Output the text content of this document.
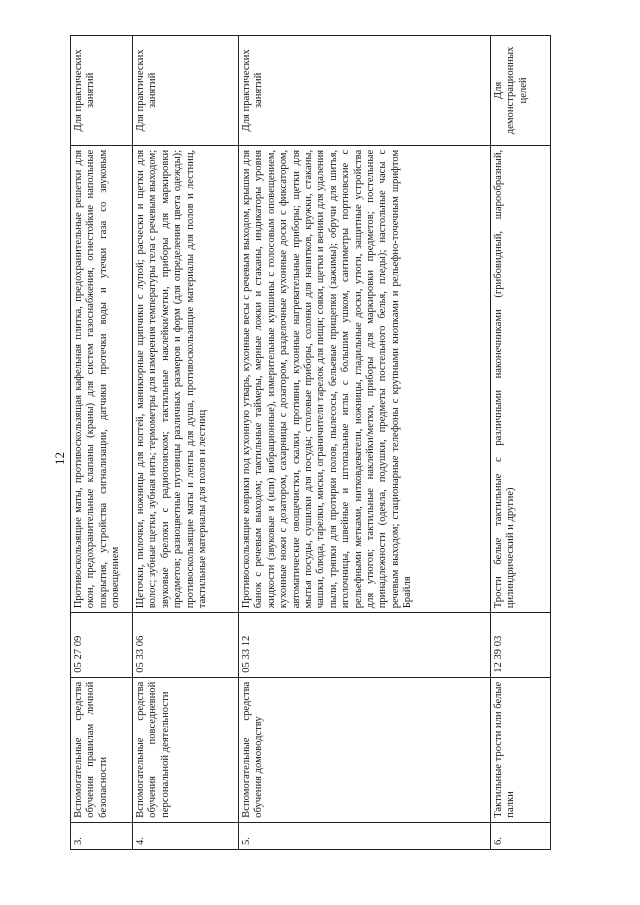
12
3.	Вспомогательные средства обучения правилам личной безопасности	05 27 09	Противоскользящие маты, противоскользящая кафельная плитка, предохранительные решетки для окон, предохранительные клапаны (краны) для систем газоснабжения, огнестойкие напольные покрытия, устройства сигнализации, датчики протечки воды и утечки газа со звуковым оповещением	Для практических занятий
4.	Вспомогательные средства обучения повседневной персональной деятельности	05 33 06	Щеточки, пилочки, ножницы для ногтей, маникюрные щипчики с лупой; расчески и щетки для волос; зубные щетки, зубная нить; термометры для измерения температуры тела с речевым выходом; звуковые брелоки с радиопоиском; тактильные наклейки/метки, приборы для маркировки предметов; разноцветные пуговицы различных размеров и форм (для определения цвета одежды); противоскользящие маты и ленты для душа, противоскользящие материалы для полов и лестниц, тактильные материалы для полов и лестниц	Для практических занятий
5.	Вспомогательные средства обучения домоводству	05 33 12	Противоскользящие коврики под кухонную утварь, кухонные весы с речевым выходом, крышки для банок с речевым выходом; тактильные таймеры, мерные ложки и стаканы, индикаторы уровня жидкости (звуковые и (или) вибрационные), измерительные кувшины с голосовым оповещением, кухонные ножи с дозатором, сахарницы с дозатором, разделочные кухонные доски с фиксатором, автоматические овощечистки, скалки, противни, кухонные нагревательные приборы; щетки для мытья посуды, сушилки для посуды; столовые приборы, солонки для напитков, кружки, стаканы, чашки, блюда, тарелки, миски, ограничители тарелок для пищи; совки, щетки и веники для удаления пыли, тряпки для протирки полов, пылесосы, бельевые прищепки (зажимы); обручи для шитья, иголочницы, швейные и штопальные иглы с большим ушком, сантиметры портновские с рельефными метками, нитковдеватели, ножницы, гладильные доски, утюги, защитные устройства для утюгов; тактильные наклейки/метки, приборы для маркировки предметов; постельные принадлежности (одеяла, подушки, предметы постельного белья, пледы); настольные часы с речевым выходом; стационарные телефоны с крупными кнопками и рельефно-точечным шрифтом Брайля	Для практических занятий
6.	Тактильные трости или белые палки	12 39 03	Трости белые тактильные с различными наконечниками (грибовидный, шарообразный, цилиндрический и другие)	Для демонстрационных целей
